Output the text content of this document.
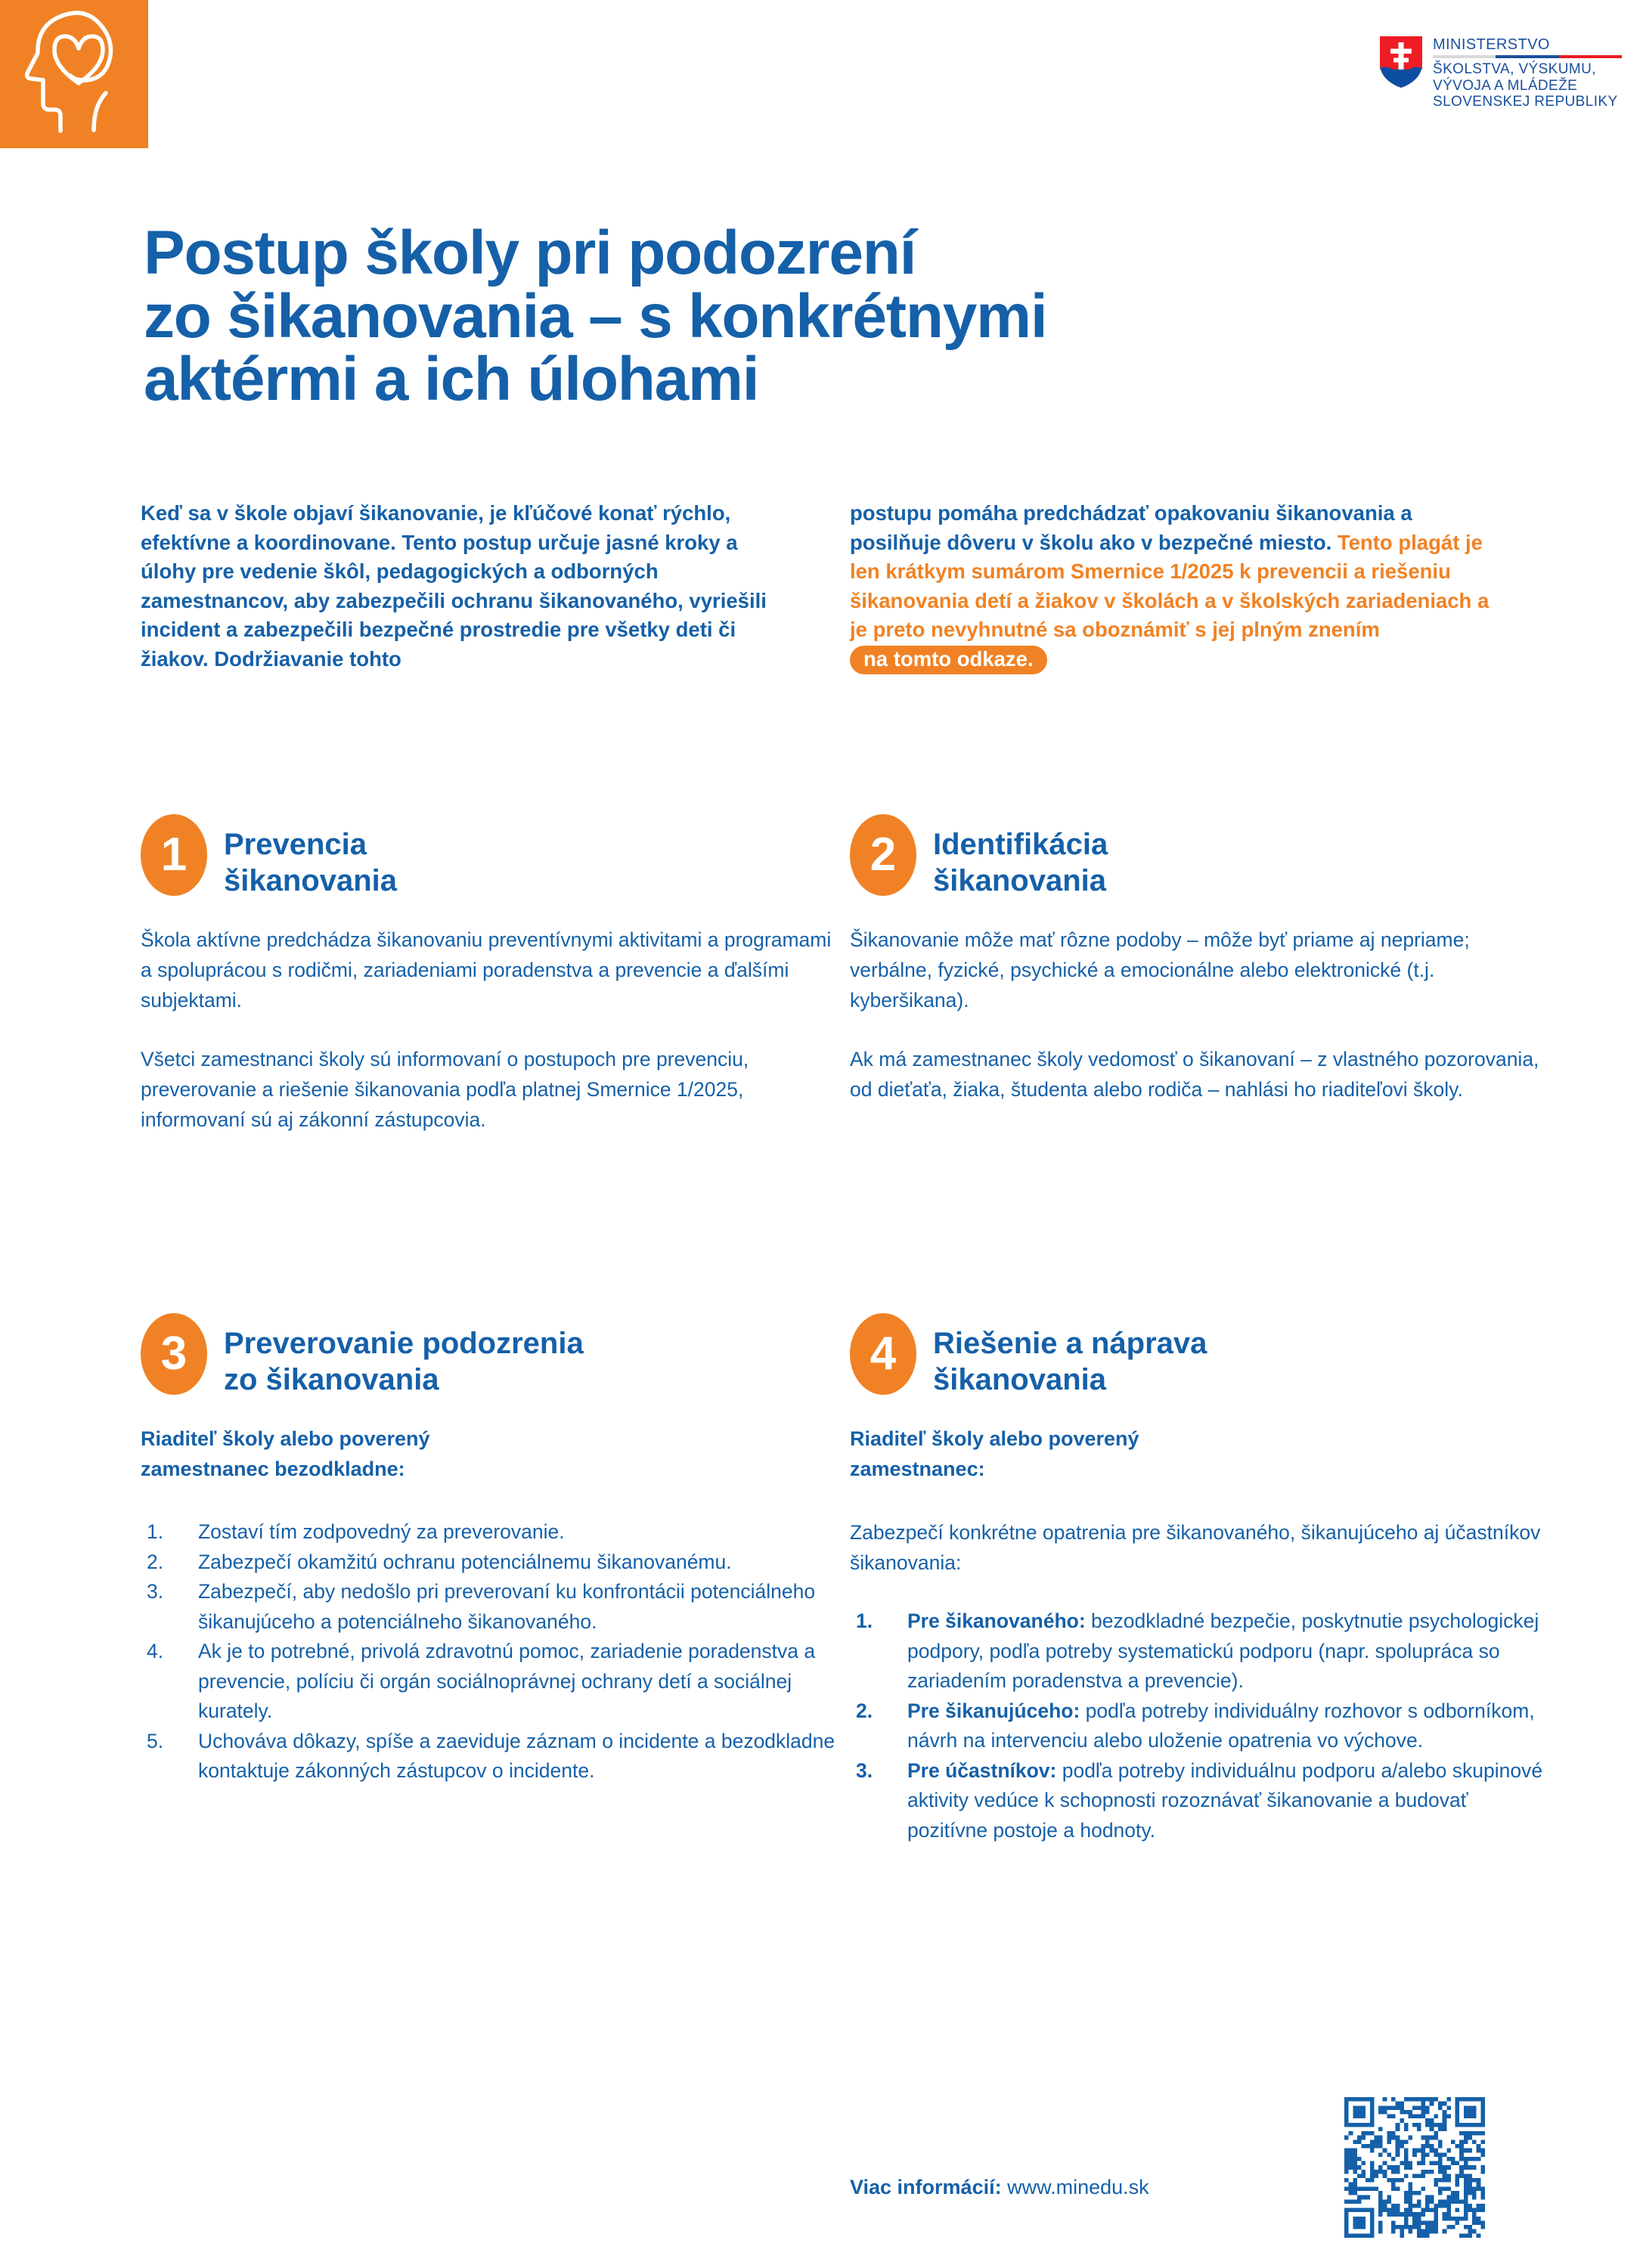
MINISTERSTVO
ŠKOLSTVA, VÝSKUMU,
VÝVOJA A MLÁDEŽE
SLOVENSKEJ REPUBLIKY
Postup školy pri podozrení
zo šikanovania – s konkrétnymi
aktérmi a ich úlohami
Keď sa v škole objaví šikanovanie, je kľúčové konať rýchlo, efektívne a koordinovane. Tento postup určuje jasné kroky a úlohy pre vedenie škôl, pedagogických a odborných zamestnancov, aby zabezpečili ochranu šikanovaného, vyriešili incident a zabezpečili bezpečné prostredie pre všetky deti či žiakov. Dodržiavanie tohto
postupu pomáha predchádzať opakovaniu šikanovania a posilňuje dôveru v školu ako v bezpečné miesto. Tento plagát je len krátkym sumárom Smernice 1/2025 k prevencii a riešeniu šikanovania detí a žiakov v školách a v školských zariadeniach a je preto nevyhnutné sa oboznámiť s jej plným znením na tomto odkaze.
1	Prevencia
šikanovania

Škola aktívne predchádza šikanovaniu preventívnymi aktivitami a programami a spoluprácou s rodičmi, zariadeniami poradenstva a prevencie a ďalšími subjektami.

Všetci zamestnanci školy sú informovaní o postupoch pre prevenciu, preverovanie a riešenie šikanovania podľa platnej Smernice 1/2025, informovaní sú aj zákonní zástupcovia.

2	Identifikácia
šikanovania

Šikanovanie môže mať rôzne podoby – môže byť priame aj nepriame; verbálne, fyzické, psychické a emocionálne alebo elektronické (t.j. kyberšikana).

Ak má zamestnanec školy vedomosť o šikanovaní – z vlastného pozorovania, od dieťaťa, žiaka, študenta alebo rodiča – nahlási ho riaditeľovi školy.

3	Preverovanie podozrenia
zo šikanovania
Riaditeľ školy alebo poverený
zamestnanec bezodkladne:
1.	Zostaví tím zodpovedný za preverovanie.
2.	Zabezpečí okamžitú ochranu potenciálnemu šikanovanému.
3.	Zabezpečí, aby nedošlo pri preverovaní ku konfrontácii potenciálneho šikanujúceho a potenciálneho šikanovaného.
4.	Ak je to potrebné, privolá zdravotnú pomoc, zariadenie poradenstva a prevencie, políciu či orgán sociálnoprávnej ochrany detí a sociálnej kurately.
5.	Uchováva dôkazy, spíše a zaeviduje záznam o incidente a bezodkladne kontaktuje zákonných zástupcov o incidente.
4	Riešenie a náprava
šikanovania
Riaditeľ školy alebo poverený
zamestnanec:

Zabezpečí konkrétne opatrenia pre šikanovaného, šikanujúceho aj účastníkov šikanovania:

1.	Pre šikanovaného: bezodkladné bezpečie, poskytnutie psychologickej podpory, podľa potreby systematickú podporu (napr. spolupráca so zariadením poradenstva a prevencie).
2.	Pre šikanujúceho: podľa potreby individuálny rozhovor s odborníkom, návrh na intervenciu alebo uloženie opatrenia vo výchove.
3.	Pre účastníkov: podľa potreby individuálnu podporu a/alebo skupinové aktivity vedúce k schopnosti rozoznávať šikanovanie a budovať pozitívne postoje a hodnoty.
Viac informácií: www.minedu.sk
